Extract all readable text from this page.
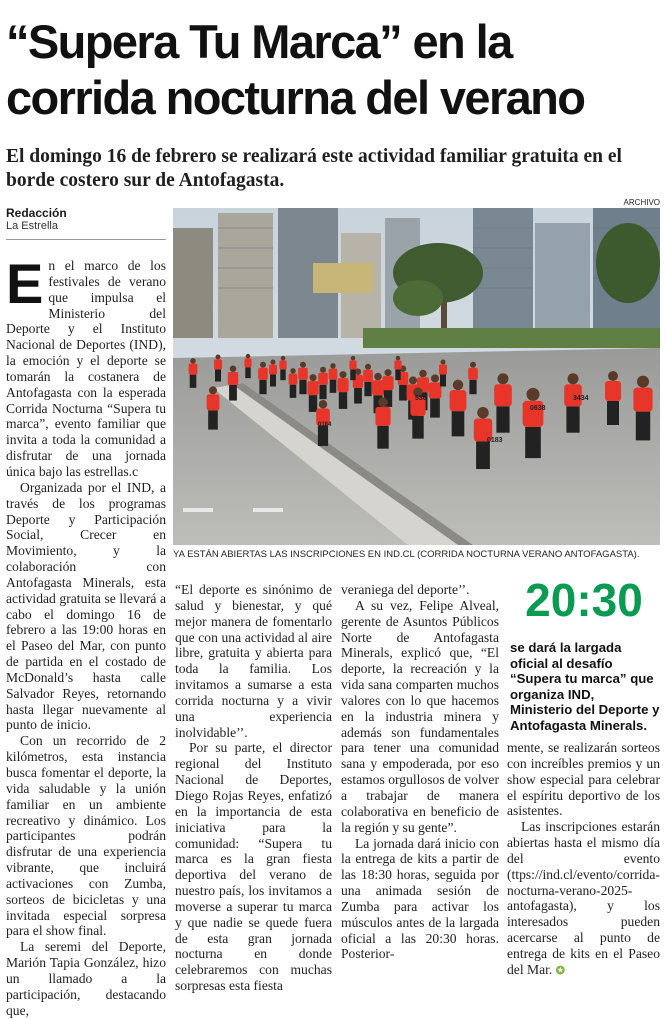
“Supera Tu Marca” en la corrida nocturna del verano
El domingo 16 de febrero se realizará este actividad familiar gratuita en el borde costero sur de Antofagasta.
Redacción
La Estrella
ARCHIVO
530
0638
3434
0183
0184
YA ESTÁN ABIERTAS LAS INSCRIPCIONES EN IND.CL (CORRIDA NOCTURNA VERANO ANTOFAGASTA).

En el marco de los festivales de verano que impulsa el Ministerio del Deporte y el Instituto Nacional de Deportes (IND), la emoción y el deporte se tomarán la costanera de Antofagasta con la esperada Corrida Nocturna “Supera tu marca”, evento familiar que invita a toda la comunidad a disfrutar de una jornada única bajo las estrellas.c

Organizada por el IND, a través de los programas Deporte y Participación Social, Crecer en Movimiento, y la colaboración con Antofagasta Minerals, esta actividad gratuita se llevará a cabo el domingo 16 de febrero a las 19:00 horas en el Paseo del Mar, con punto de partida en el costado de McDonald’s hasta calle Salvador Reyes, retornando hasta llegar nuevamente al punto de inicio.

Con un recorrido de 2 kilómetros, esta instancia busca fomentar el deporte, la vida saludable y la unión familiar en un ambiente recreativo y dinámico. Los participantes podrán disfrutar de una experiencia vibrante, que incluirá activaciones con Zumba, sorteos de bicicletas y una invitada especial sorpresa para el show final.

La seremi del Deporte, Marión Tapia González, hizo un llamado a la participación, destacando que,

“El deporte es sinónimo de salud y bienestar, y qué mejor manera de fomentarlo que con una actividad al aire libre, gratuita y abierta para toda la familia. Los invitamos a sumarse a esta corrida nocturna y a vivir una experiencia inolvidable’’.

Por su parte, el director regional del Instituto Nacional de Deportes, Diego Rojas Reyes, enfatizó en la importancia de esta iniciativa para la comunidad: “Supera tu marca es la gran fiesta deportiva del verano de nuestro país, los invitamos a moverse a superar tu marca y que nadie se quede fuera de esta gran jornada nocturna en donde celebraremos con muchas sorpresas esta fiesta

veraniega del deporte’’.

A su vez, Felipe Alveal, gerente de Asuntos Públicos Norte de Antofagasta Minerals, explicó que, “El deporte, la recreación y la vida sana comparten muchos valores con lo que hacemos en la industria minera y además son fundamentales para tener una comunidad sana y empoderada, por eso estamos orgullosos de volver a trabajar de manera colaborativa en beneficio de la región y su gente”.

La jornada dará inicio con la entrega de kits a partir de las 18:30 horas, seguida por una animada sesión de Zumba para activar los músculos antes de la largada oficial a las 20:30 horas. Posterior-

20:30
se dará la largada oficial al desafío “Supera tu marca” que organiza IND, Ministerio del Deporte y Antofagasta Minerals.

mente, se realizarán sorteos con increíbles premios y un show especial para celebrar el espíritu deportivo de los asistentes.

Las inscripciones estarán abiertas hasta el mismo día del evento (ttps://ind.cl/evento/corrida-nocturna-verano-2025-antofagasta), y los interesados pueden acercarse al punto de entrega de kits en el Paseo del Mar. ✪
